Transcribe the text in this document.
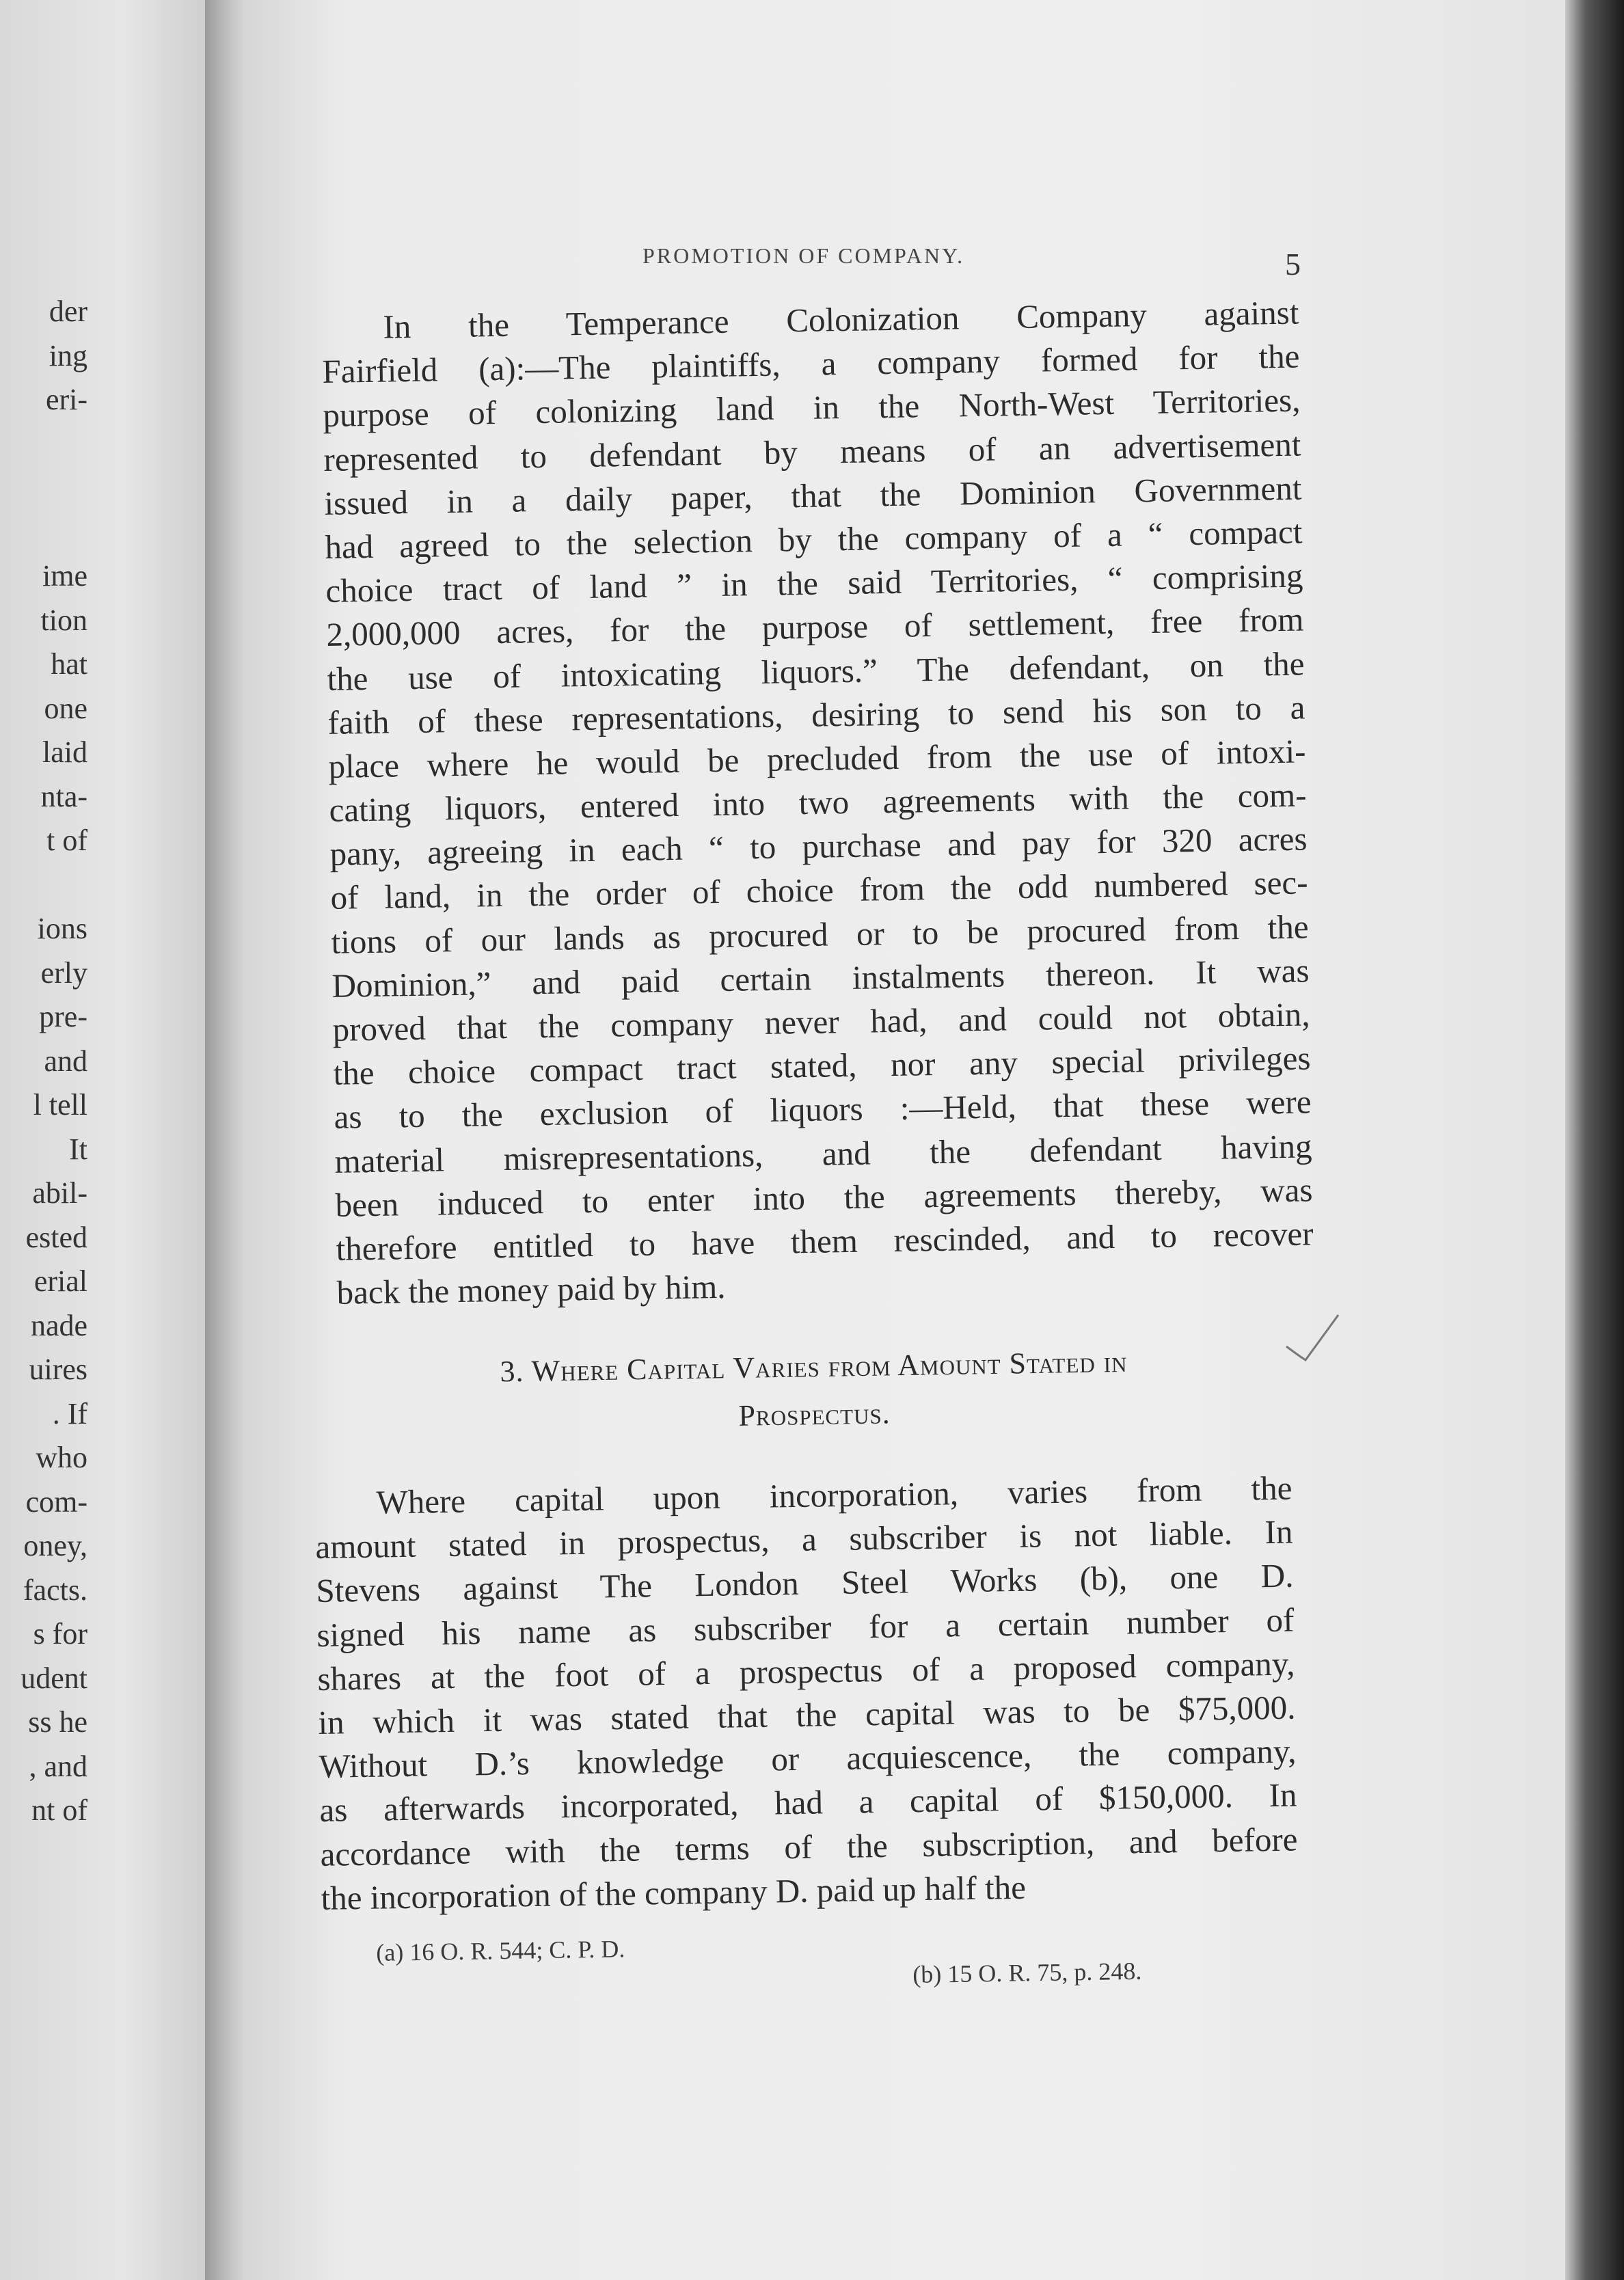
der
ing
eri-
ime
tion
hat
one
laid
nta-
t of
ions
erly
pre-
and
l tell
It
abil-
ested
erial
nade
uires
. If
who
com-
oney,
facts.
s for
udent
ss he
, and
nt of
PROMOTION OF COMPANY.	5
In the Temperance Colonization Company against
Fairfield (a):—The plaintiffs, a company formed for the
purpose of colonizing land in the North-West Territories,
represented to defendant by means of an advertisement
issued in a daily paper, that the Dominion Government
had agreed to the selection by the company of a “ compact
choice tract of land ” in the said Territories, “ comprising
2,000,000 acres, for the purpose of settlement, free from
the use of intoxicating liquors.” The defendant, on the
faith of these representations, desiring to send his son to a
place where he would be precluded from the use of intoxi-
cating liquors, entered into two agreements with the com-
pany, agreeing in each “ to purchase and pay for 320 acres
of land, in the order of choice from the odd numbered sec-
tions of our lands as procured or to be procured from the
Dominion,” and paid certain instalments thereon. It was
proved that the company never had, and could not obtain,
the choice compact tract stated, nor any special privileges
as to the exclusion of liquors :—Held, that these were
material misrepresentations, and the defendant having
been induced to enter into the agreements thereby, was
therefore entitled to have them rescinded, and to recover
back the money paid by him.
3. Where Capital Varies from Amount Stated in
Prospectus.
Where capital upon incorporation, varies from the
amount stated in prospectus, a subscriber is not liable. In
Stevens against The London Steel Works (b), one D.
signed his name as subscriber for a certain number of
shares at the foot of a prospectus of a proposed company,
in which it was stated that the capital was to be $75,000.
Without D.’s knowledge or acquiescence, the company,
as afterwards incorporated, had a capital of $150,000. In
accordance with the terms of the subscription, and before
the incorporation of the company D. paid up half the
(a) 16 O. R. 544; C. P. D.
(b) 15 O. R. 75, p. 248.
